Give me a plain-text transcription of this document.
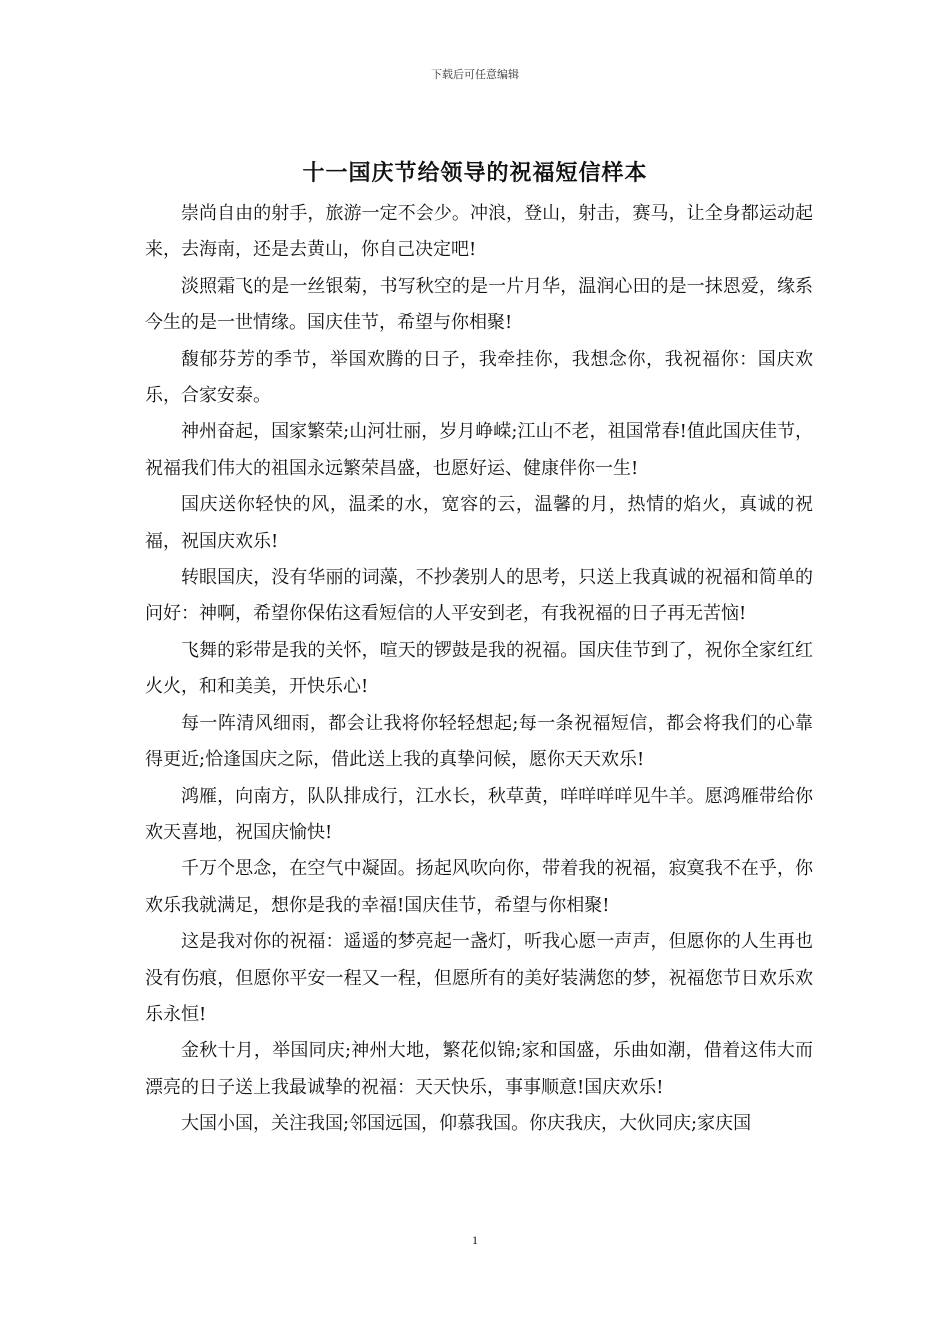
下载后可任意编辑
十一国庆节给领导的祝福短信样本

崇尚自由的射手，旅游一定不会少。冲浪，登山，射击，赛马，让全身都运动起来，去海南，还是去黄山，你自己决定吧!

淡照霜飞的是一丝银菊，书写秋空的是一片月华，温润心田的是一抹恩爱，缘系今生的是一世情缘。国庆佳节，希望与你相聚!

馥郁芬芳的季节，举国欢腾的日子，我牵挂你，我想念你，我祝福你：国庆欢乐，合家安泰。

神州奋起，国家繁荣;山河壮丽，岁月峥嵘;江山不老，祖国常春!值此国庆佳节，祝福我们伟大的祖国永远繁荣昌盛，也愿好运、健康伴你一生!

国庆送你轻快的风，温柔的水，宽容的云，温馨的月，热情的焰火，真诚的祝福，祝国庆欢乐!

转眼国庆，没有华丽的词藻，不抄袭别人的思考，只送上我真诚的祝福和简单的问好：神啊，希望你保佑这看短信的人平安到老，有我祝福的日子再无苦恼!

飞舞的彩带是我的关怀，喧天的锣鼓是我的祝福。国庆佳节到了，祝你全家红红火火，和和美美，开快乐心!

每一阵清风细雨，都会让我将你轻轻想起;每一条祝福短信，都会将我们的心靠得更近;恰逢国庆之际，借此送上我的真挚问候，愿你天天欢乐!

鸿雁，向南方，队队排成行，江水长，秋草黄，咩咩咩咩见牛羊。愿鸿雁带给你欢天喜地，祝国庆愉快!

千万个思念，在空气中凝固。扬起风吹向你，带着我的祝福，寂寞我不在乎，你欢乐我就满足，想你是我的幸福!国庆佳节，希望与你相聚!

这是我对你的祝福：遥遥的梦亮起一盏灯，听我心愿一声声，但愿你的人生再也没有伤痕，但愿你平安一程又一程，但愿所有的美好装满您的梦，祝福您节日欢乐欢乐永恒!

金秋十月，举国同庆;神州大地，繁花似锦;家和国盛，乐曲如潮，借着这伟大而漂亮的日子送上我最诚挚的祝福：天天快乐，事事顺意!国庆欢乐!

大国小国，关注我国;邻国远国，仰慕我国。你庆我庆，大伙同庆;家庆国

1
